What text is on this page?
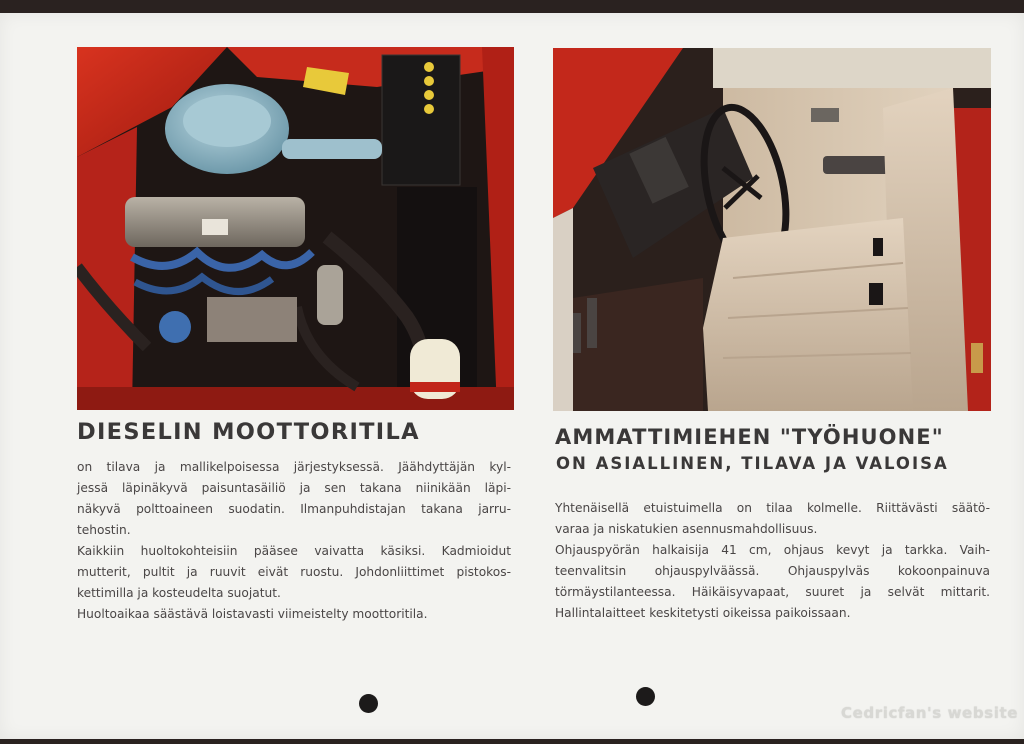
DIESELIN MOOTTORITILA
on tilava ja mallikelpoisessa järjestyksessä. Jäähdyttäjän kyl-
jessä läpinäkyvä paisuntasäiliö ja sen takana niinikään läpi-
näkyvä polttoaineen suodatin. Ilmanpuhdistajan takana jarru-
tehostin.
Kaikkiin huoltokohteisiin pääsee vaivatta käsiksi. Kadmioidut
mutterit, pultit ja ruuvit eivät ruostu. Johdonliittimet pistokos-
kettimilla ja kosteudelta suojatut.
Huoltoaikaa säästävä loistavasti viimeistelty moottoritila.
AMMATTIMIEHEN "TYÖHUONE"
ON ASIALLINEN, TILAVA JA VALOISA
Yhtenäisellä etuistuimella on tilaa kolmelle. Riittävästi säätö-
varaa ja niskatukien asennusmahdollisuus.
Ohjauspyörän halkaisija 41 cm, ohjaus kevyt ja tarkka. Vaih-
teenvalitsin ohjauspylväässä. Ohjauspylväs kokoonpainuva
törmäystilanteessa. Häikäisyvapaat, suuret ja selvät mittarit.
Hallintalaitteet keskitetysti oikeissa paikoissaan.
Cedricfan's website
